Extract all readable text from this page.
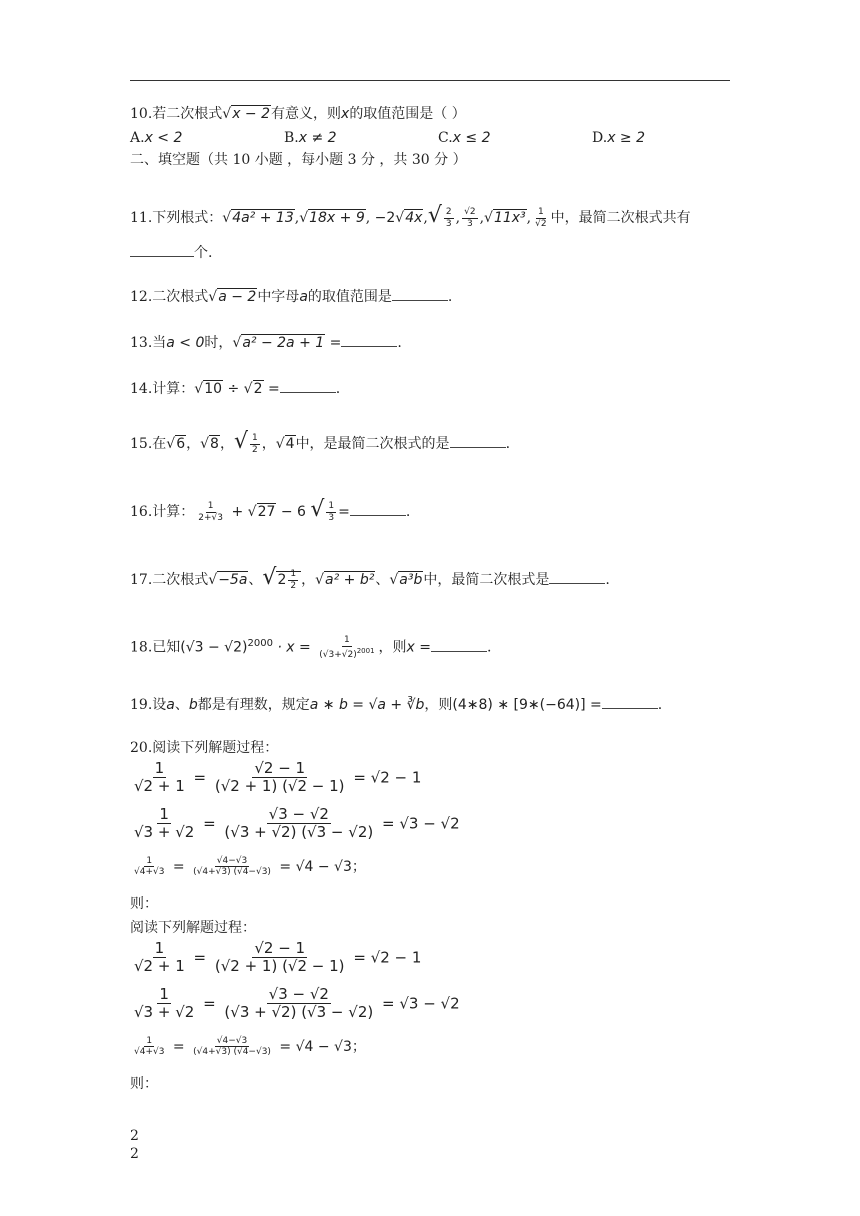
10.若二次根式√x − 2有意义，则x的取值范围是（ ）
A.x < 2	B.x ≠ 2	C.x ≤ 2	D.x ≥ 2
二、填空题（共 10 小题 ，每小题 3 分 ，共 30 分 ）
11.下列根式：√4a² + 13,√18x + 9, $-2√4x,√ \frac{2}{3}$ , $\frac{√2}{3} ,√11x^3$, $\frac{1}{√2}$ 中，最简二次根式共有
个.
12.二次根式√a − 2中字母a的取值范围是	.
13.当a < 0时，√a² − 2a + 1 =	.
14.计算：√10 ÷ √2 =	.
15.在√6，√8，√ $\frac{1}{2}$ ，√4中，是最简二次根式的是	.
16.计算： $\frac{1}{2+√3} + √27 - 6$ √ $\frac{1}{3}$ =	.
17.二次根式√−5a、$√2 \frac{1}{2}$ ，√a² + b²、√a³b中，最简二次根式是	.
18.已知$(√3 - √2)^{2000} \cdot x = \frac{1}{(√3+√2)^{2001}}$ ，则x =	.
19.设a、b都是有理数，规定a ∗ b = √a + ∛b，则(4∗8) ∗ [9∗(−64)] =	.
20.阅读下列解题过程：
$\frac{1}{√2 + 1} = \frac{√2 - 1}{(√2 + 1) (√2 - 1)} = √2 - 1$
$\frac{1}{√3 + √2} = \frac{√3 - √2}{(√3 + √2) (√3 - √2)} = √3 - √2$
$\frac{1}{√4+√3} = \frac{√4-√3}{(√4+√3) (√4-√3)} = √4 - √3$；
则：
阅读下列解题过程：
$\frac{1}{√2 + 1} = \frac{√2 - 1}{(√2 + 1) (√2 - 1)} = √2 - 1$
$\frac{1}{√3 + √2} = \frac{√3 - √2}{(√3 + √2) (√3 - √2)} = √3 - √2$
$\frac{1}{√4+√3} = \frac{√4-√3}{(√4+√3) (√4-√3)} = √4 - √3$；
则：
2
2
